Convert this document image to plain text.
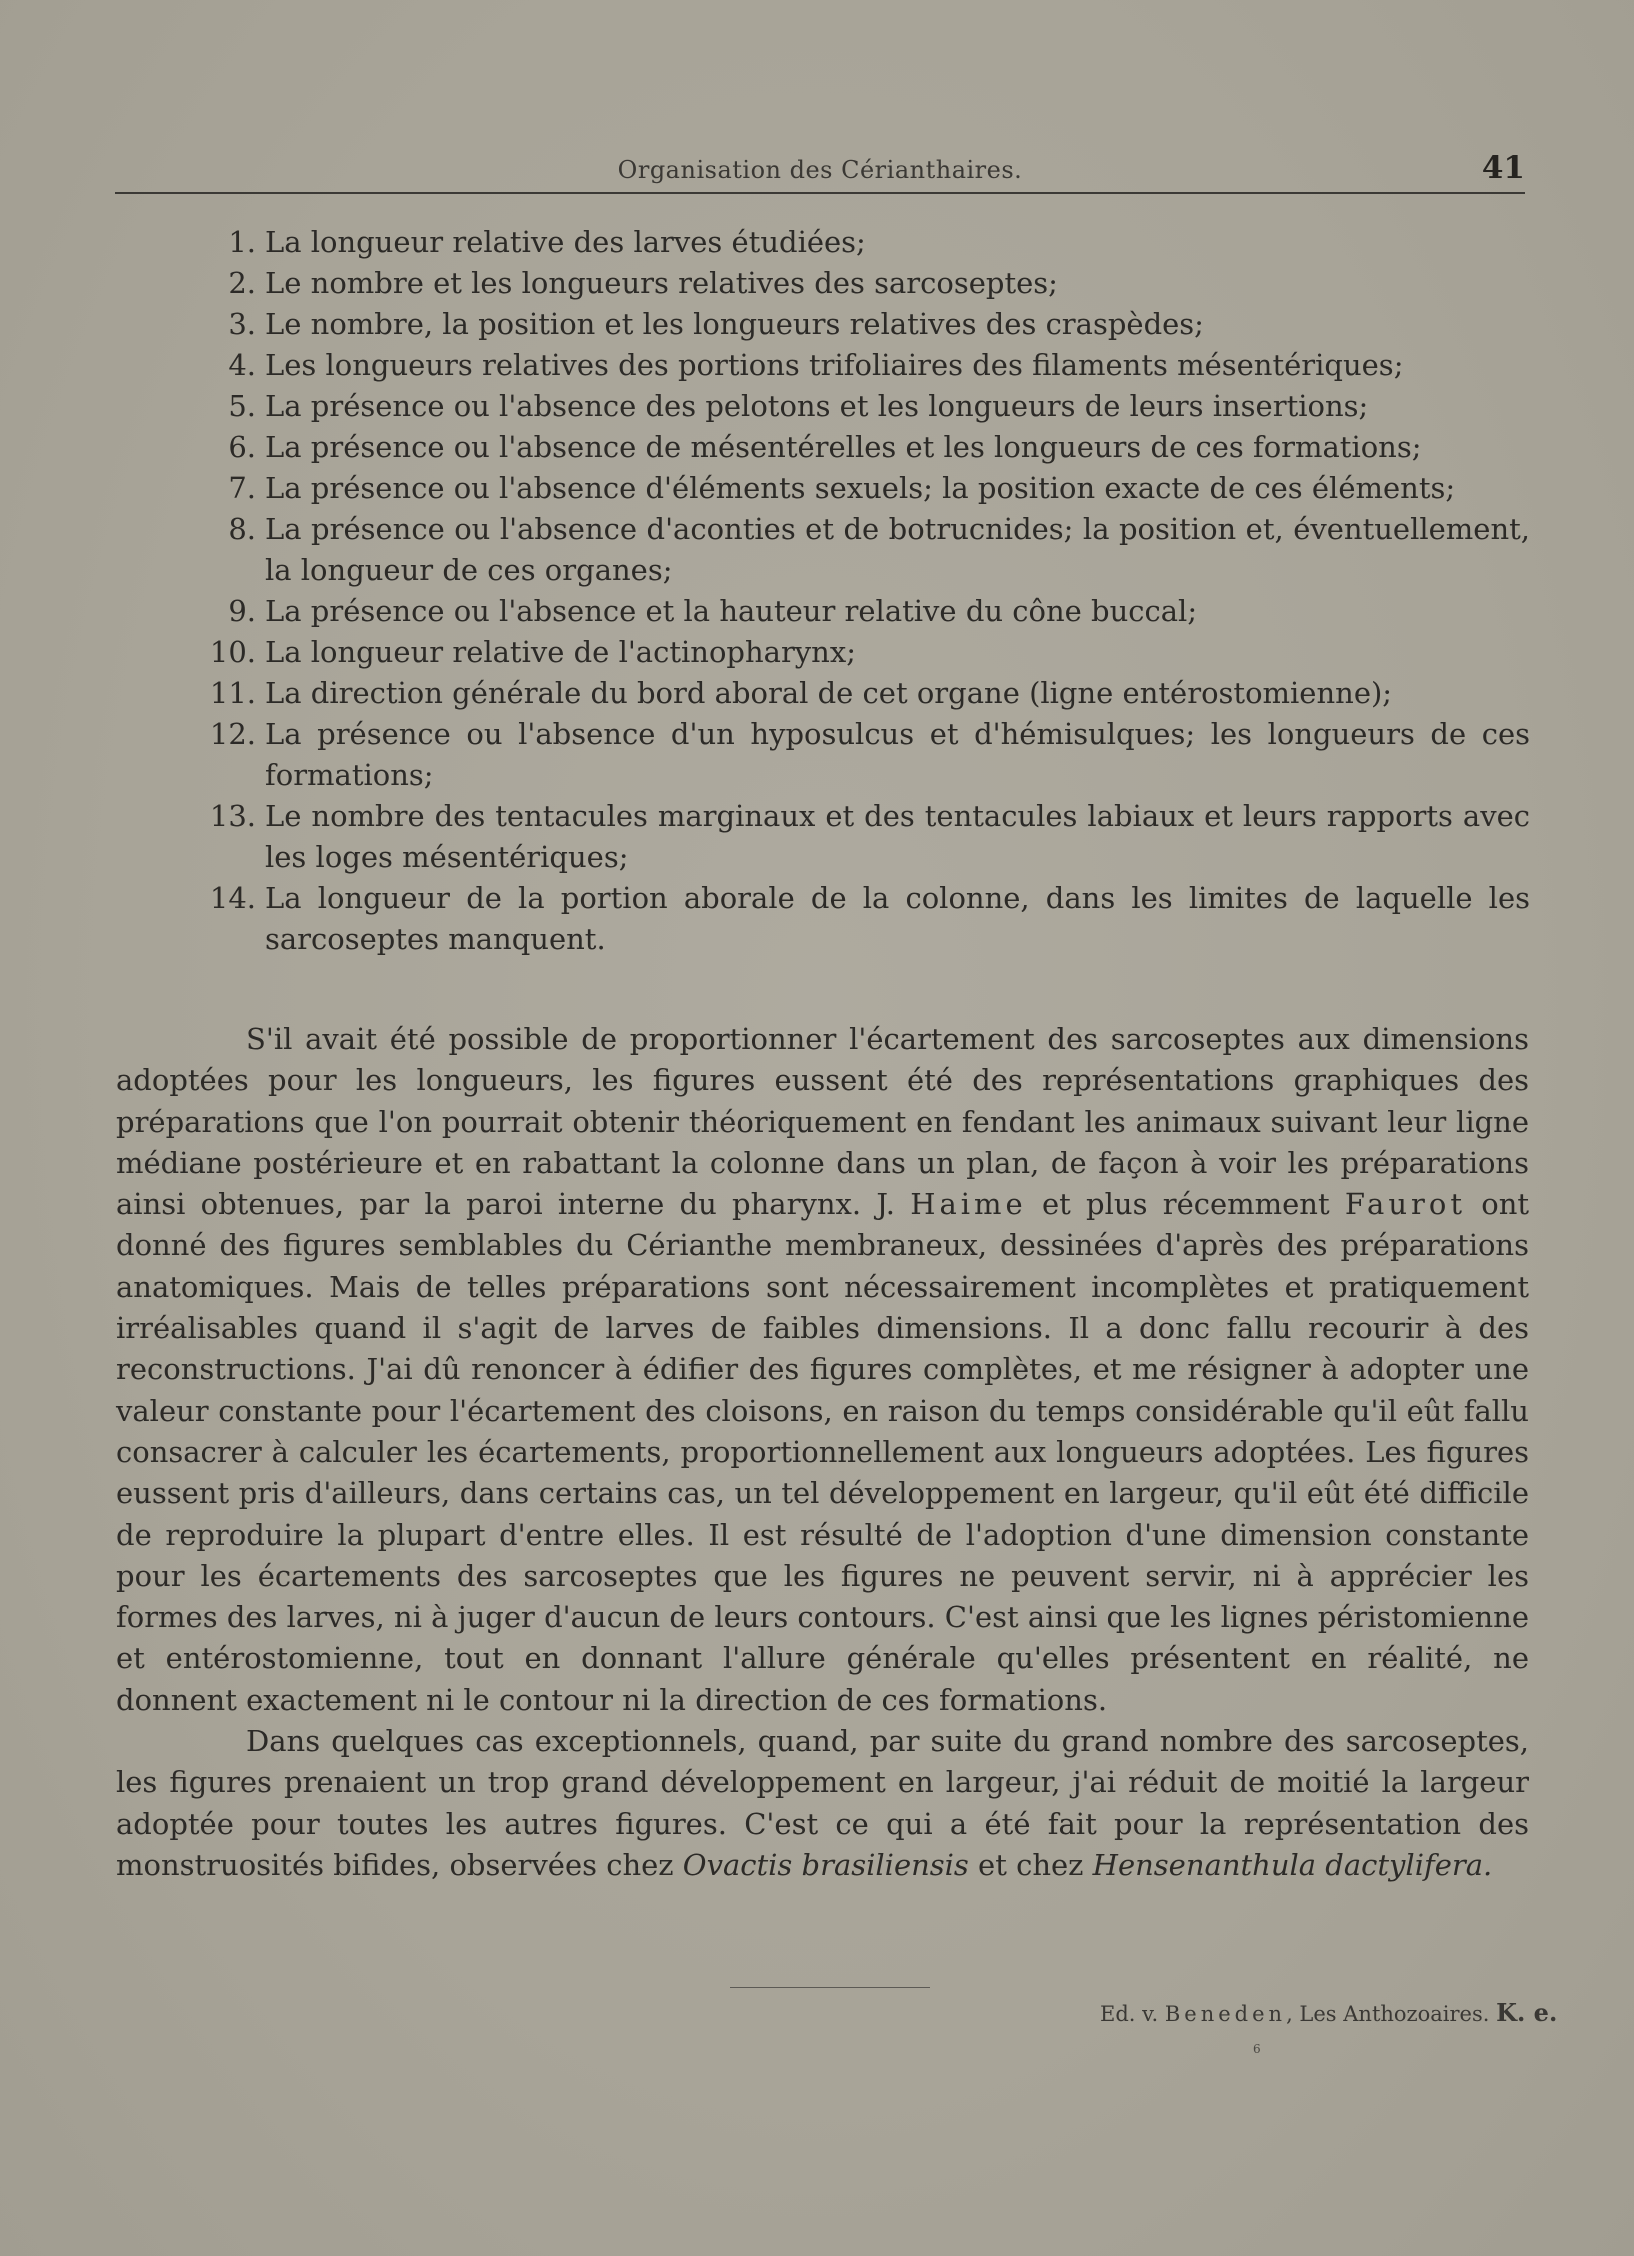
Organisation des Cérianthaires.	41
1. La longueur relative des larves étudiées;
2. Le nombre et les longueurs relatives des sarcoseptes;
3. Le nombre, la position et les longueurs relatives des craspèdes;
4. Les longueurs relatives des portions trifoliaires des filaments mésentériques;
5. La présence ou l'absence des pelotons et les longueurs de leurs insertions;
6. La présence ou l'absence de mésentérelles et les longueurs de ces formations;
7. La présence ou l'absence d'éléments sexuels; la position exacte de ces éléments;
8. La présence ou l'absence d'aconties et de botrucnides; la position et, éventuellement, la longueur de ces organes;
9. La présence ou l'absence et la hauteur relative du cône buccal;
10. La longueur relative de l'actinopharynx;
11. La direction générale du bord aboral de cet organe (ligne entérostomienne);
12. La présence ou l'absence d'un hyposulcus et d'hémisulques; les longueurs de ces formations;
13. Le nombre des tentacules marginaux et des tentacules labiaux et leurs rapports avec les loges mésentériques;
14. La longueur de la portion aborale de la colonne, dans les limites de laquelle les sarcoseptes manquent.

S'il avait été possible de proportionner l'écartement des sarcoseptes aux dimensions adoptées pour les longueurs, les figures eussent été des représentations graphiques des préparations que l'on pourrait obtenir théoriquement en fendant les animaux suivant leur ligne médiane postérieure et en rabattant la colonne dans un plan, de façon à voir les préparations ainsi obtenues, par la paroi interne du pharynx. J. Haime et plus récemment Faurot ont donné des figures semblables du Cérianthe membraneux, dessinées d'après des préparations anatomiques. Mais de telles préparations sont nécessairement incomplètes et pratiquement irréalisables quand il s'agit de larves de faibles dimensions. Il a donc fallu recourir à des reconstructions. J'ai dû renoncer à édifier des figures complètes, et me résigner à adopter une valeur constante pour l'écartement des cloisons, en raison du temps considérable qu'il eût fallu consacrer à calculer les écartements, proportionnellement aux longueurs adoptées. Les figures eussent pris d'ailleurs, dans certains cas, un tel développement en largeur, qu'il eût été difficile de reproduire la plupart d'entre elles. Il est résulté de l'adoption d'une dimension constante pour les écartements des sarcoseptes que les figures ne peuvent servir, ni à apprécier les formes des larves, ni à juger d'aucun de leurs contours. C'est ainsi que les lignes péristomienne et entérostomienne, tout en donnant l'allure générale qu'elles présentent en réalité, ne donnent exactement ni le contour ni la direction de ces formations.

Dans quelques cas exceptionnels, quand, par suite du grand nombre des sarcoseptes, les figures prenaient un trop grand développement en largeur, j'ai réduit de moitié la largeur adoptée pour toutes les autres figures. C'est ce qui a été fait pour la représentation des monstruosités bifides, observées chez Ovactis brasiliensis et chez Hensenanthula dactylifera.

Ed. v. Beneden, Les Anthozoaires. K. e.
6
